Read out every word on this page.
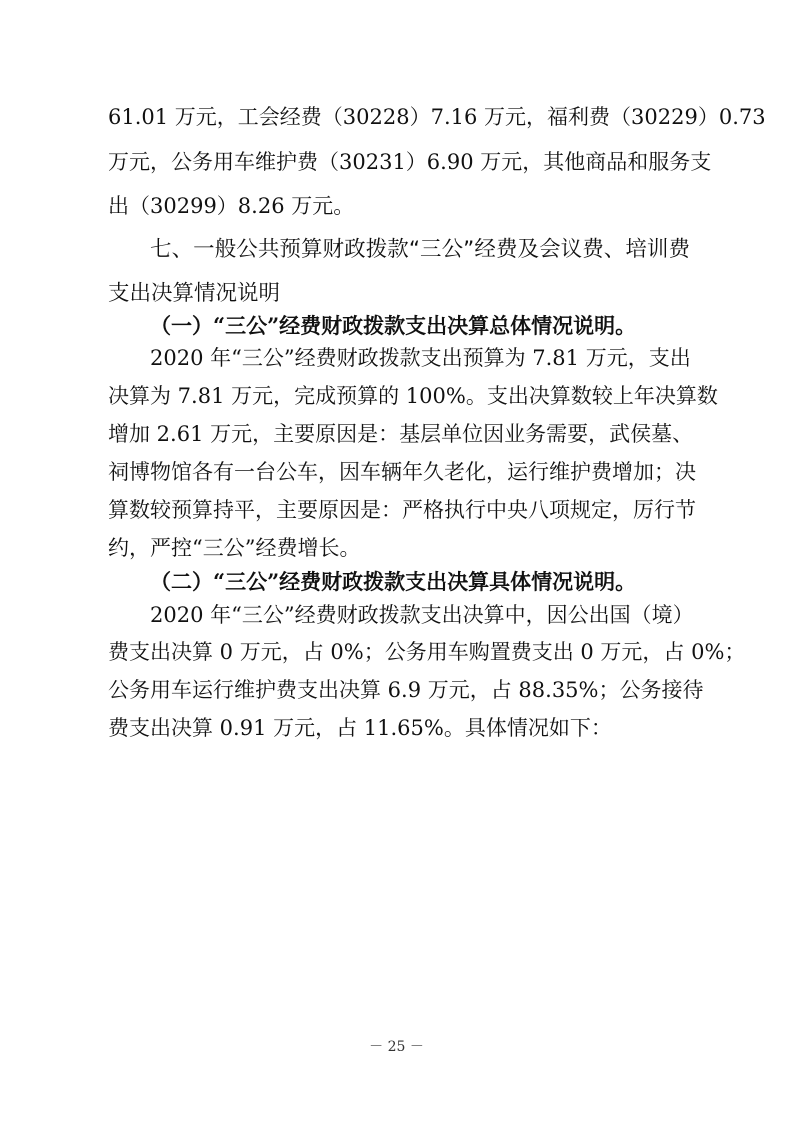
61.01 万元，工会经费（30228）7.16 万元，福利费（30229）0.73
万元，公务用车维护费（30231）6.90 万元，其他商品和服务支
出（30299）8.26 万元。
七、一般公共预算财政拨款“三公”经费及会议费、培训费
支出决算情况说明
（一）“三公”经费财政拨款支出决算总体情况说明。
2020 年“三公”经费财政拨款支出预算为 7.81 万元，支出
决算为 7.81 万元，完成预算的 100%。支出决算数较上年决算数
增加 2.61 万元，主要原因是：基层单位因业务需要，武侯墓、
祠博物馆各有一台公车，因车辆年久老化，运行维护费增加；决
算数较预算持平，主要原因是：严格执行中央八项规定，厉行节
约，严控“三公”经费增长。
（二）“三公”经费财政拨款支出决算具体情况说明。
2020 年“三公”经费财政拨款支出决算中，因公出国（境）
费支出决算 0 万元，占 0%；公务用车购置费支出 0 万元，占 0%；
公务用车运行维护费支出决算 6.9 万元，占 88.35%；公务接待
费支出决算 0.91 万元，占 11.65%。具体情况如下：
－ 25 －
